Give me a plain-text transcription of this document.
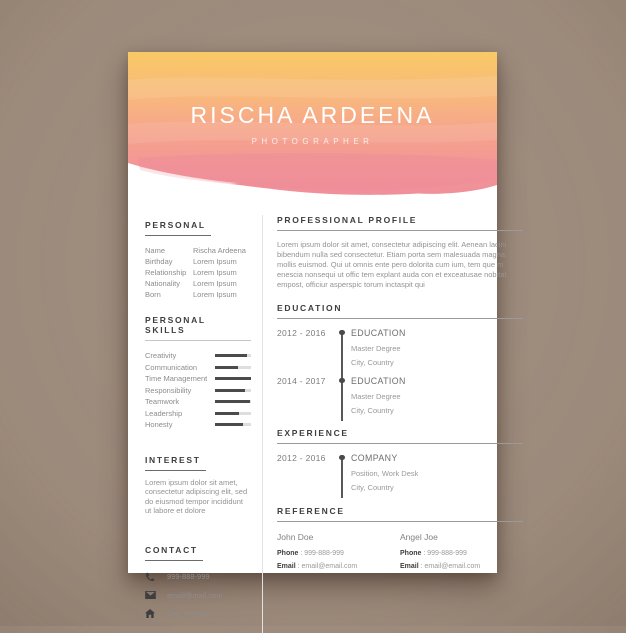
RISCHA ARDEENA
PHOTOGRAPHER
PERSONAL
Name	Rischa Ardeena
Birthday	Lorem Ipsum
Relationship Lorem Ipsum
Nationality	Lorem Ipsum
Born	Lorem Ipsum
PERSONAL SKILLS
Creativity
Communication
Time Management
Responsibility
Teamwork
Leadership
Honesty
INTEREST
Lorem ipsum dolor sit amet, consectetur adipiscing elit, sed do eiusmod tempor incididunt ut labore et dolore
CONTACT
999-888-999
email@mail.com
City, Country
PROFESSIONAL PROFILE
Lorem ipsum dolor sit amet, consectetur adipiscing elit. Aenean lacini bibendum nulla sed consectetur. Etiam porta sem malesuada magna mollis euismod. Qui ut omnis ente pero dolorita cum ium, tem que m enescia nonsequi ut offic tem explant auda con et exceatusae nobitat empost, officiur asperspic torum inctaspit qui
EDUCATION
2012 - 2016	EDUCATION
Master Degree
City, Country
2014 - 2017	EDUCATION
Master Degree
City, Country
EXPERIENCE
2012 - 2016	COMPANY
Position, Work Desk
City, Country
REFERENCE
John Doe
Phone : 999-888-999
Email : email@email.com
Angel Joe
Phone : 999-888-999
Email : email@email.com
